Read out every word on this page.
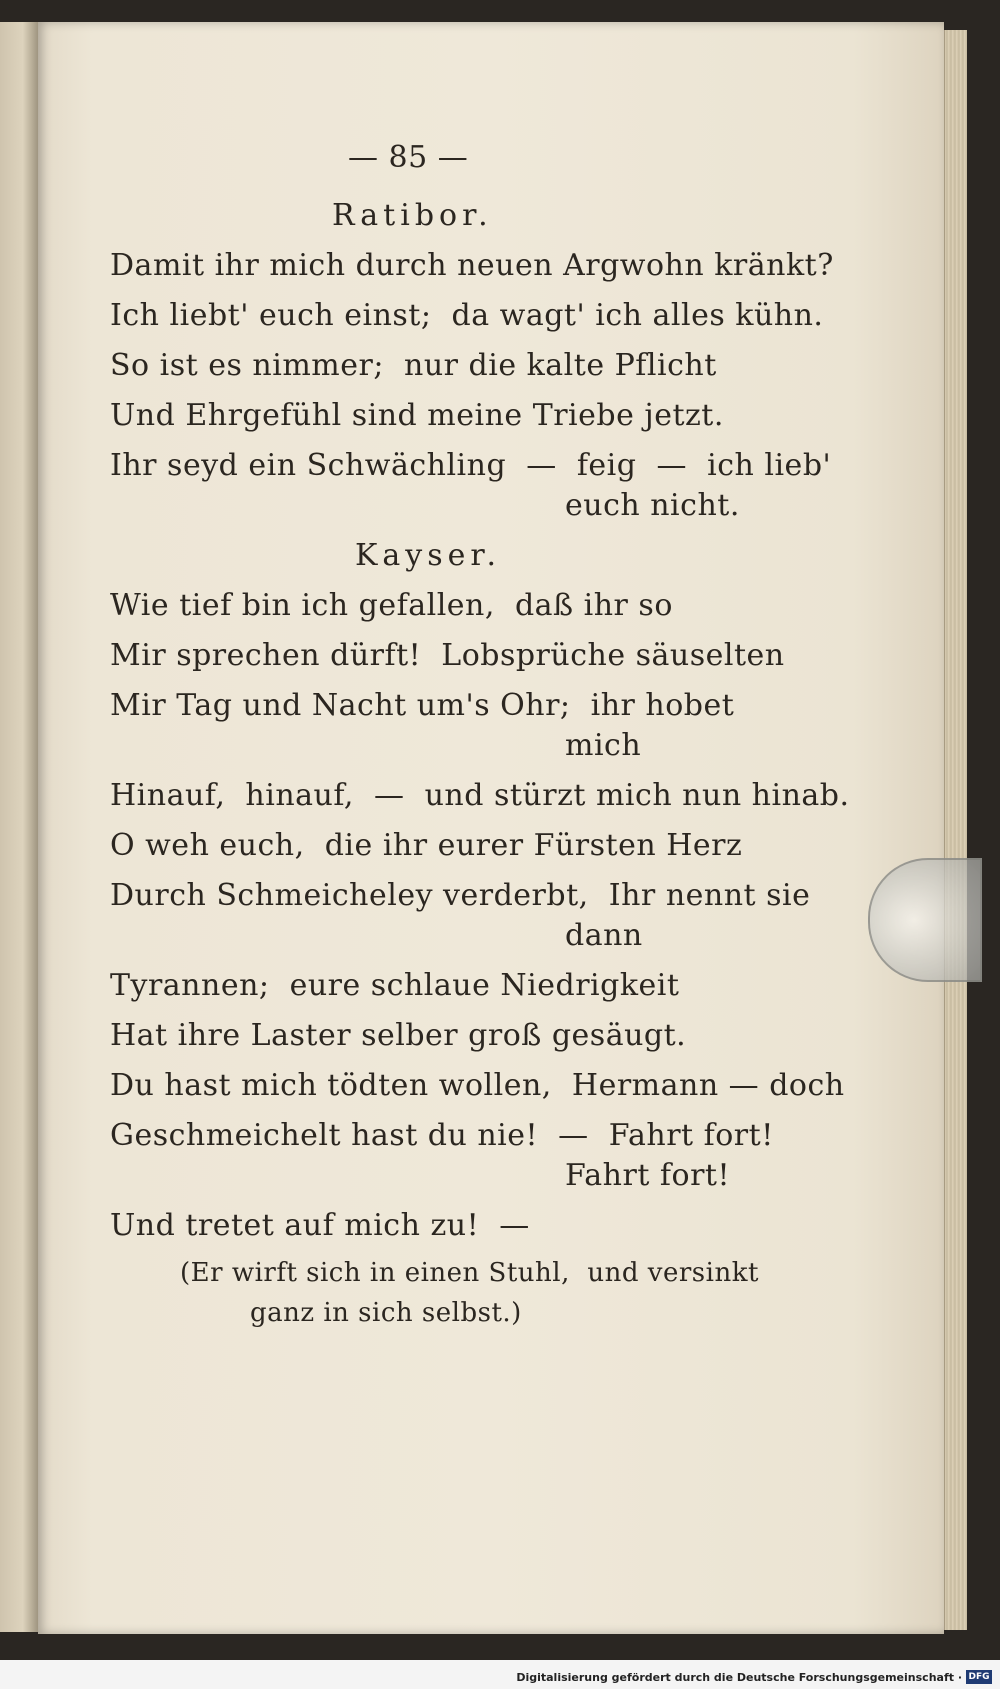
— 85 —
Ratibor.
Damit ihr mich durch neuen Argwohn kränkt?
Ich liebt' euch einst;  da wagt' ich alles kühn.
So ist es nimmer;  nur die kalte Pflicht
Und Ehrgefühl sind meine Triebe jetzt.
Ihr seyd ein Schwächling  —  feig  —  ich lieb'
euch nicht.
Kayser.
Wie tief bin ich gefallen,  daß ihr so
Mir sprechen dürft!  Lobsprüche säuselten
Mir Tag und Nacht um's Ohr;  ihr hobet
mich
Hinauf,  hinauf,  —  und stürzt mich nun hinab.
O weh euch,  die ihr eurer Fürsten Herz
Durch Schmeicheley verderbt,  Ihr nennt sie
dann
Tyrannen;  eure schlaue Niedrigkeit
Hat ihre Laster selber groß gesäugt.
Du hast mich tödten wollen,  Hermann — doch
Geschmeichelt hast du nie!  —  Fahrt fort!
Fahrt fort!
Und tretet auf mich zu!  —
(Er wirft sich in einen Stuhl,  und versinkt
ganz in sich selbst.)
Digitalisierung gefördert durch die Deutsche Forschungsgemeinschaft · DFG
